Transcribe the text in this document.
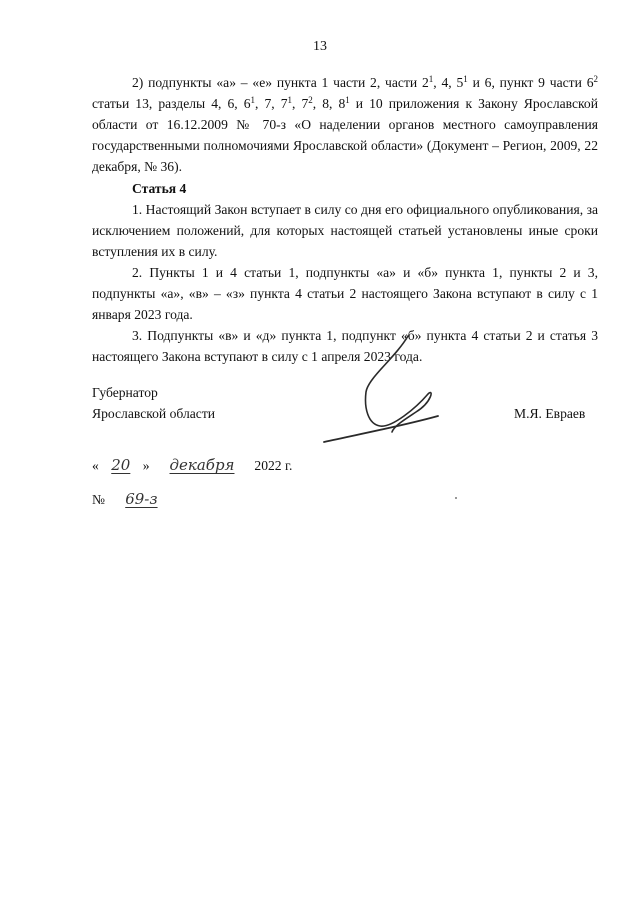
13

2) подпункты «а» – «е» пункта 1 части 2, части $2^1$, 4, $5^1$ и 6, пункт 9 части $6^2$ статьи 13, разделы 4, 6, $6^1$, 7, $7^1$, $7^2$, 8, $8^1$ и 10 приложения к Закону Ярославской области от 16.12.2009 № 70-з «О наделении органов местного самоуправления государственными полномочиями Ярославской области» (Документ – Регион, 2009, 22 декабря, № 36).

Статья 4

1. Настоящий Закон вступает в силу со дня его официального опубликования, за исключением положений, для которых настоящей статьей установлены иные сроки вступления их в силу.

2. Пункты 1 и 4 статьи 1, подпункты «а» и «б» пункта 1, пункты 2 и 3, подпункты «а», «в» – «з» пункта 4 статьи 2 настоящего Закона вступают в силу с 1 января 2023 года.

3. Подпункты «в» и «д» пункта 1, подпункт «б» пункта 4 статьи 2 и статья 3 настоящего Закона вступают в силу с 1 апреля 2023 года.

Губернатор
Ярославской области	М.Я. Евраев
« 20 » декабря 2022 г.
№ 69-з
